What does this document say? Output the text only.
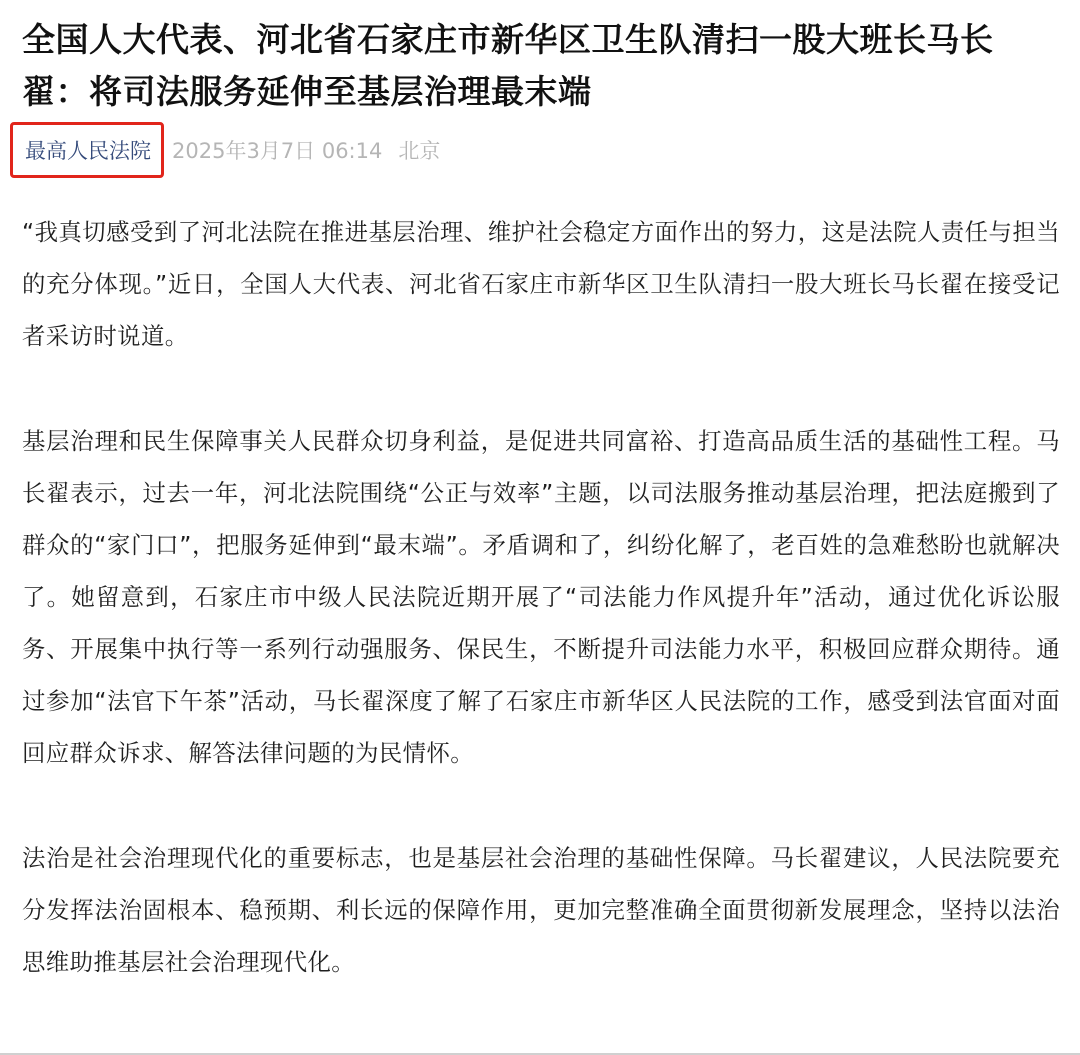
全国人大代表、河北省石家庄市新华区卫生队清扫一股大班长马长翟：将司法服务延伸至基层治理最末端
最高人民法院 2025年3月7日 06:14 北京

“我真切感受到了河北法院在推进基层治理、维护社会稳定方面作出的努力，这是法院人责任与担当的充分体现。”近日，全国人大代表、河北省石家庄市新华区卫生队清扫一股大班长马长翟在接受记者采访时说道。

基层治理和民生保障事关人民群众切身利益，是促进共同富裕、打造高品质生活的基础性工程。马长翟表示，过去一年，河北法院围绕“公正与效率”主题，以司法服务推动基层治理，把法庭搬到了群众的“家门口”，把服务延伸到“最末端”。矛盾调和了，纠纷化解了，老百姓的急难愁盼也就解决了。她留意到，石家庄市中级人民法院近期开展了“司法能力作风提升年”活动，通过优化诉讼服务、开展集中执行等一系列行动强服务、保民生，不断提升司法能力水平，积极回应群众期待。通过参加“法官下午茶”活动，马长翟深度了解了石家庄市新华区人民法院的工作，感受到法官面对面回应群众诉求、解答法律问题的为民情怀。

法治是社会治理现代化的重要标志，也是基层社会治理的基础性保障。马长翟建议，人民法院要充分发挥法治固根本、稳预期、利长远的保障作用，更加完整准确全面贯彻新发展理念，坚持以法治思维助推基层社会治理现代化。
